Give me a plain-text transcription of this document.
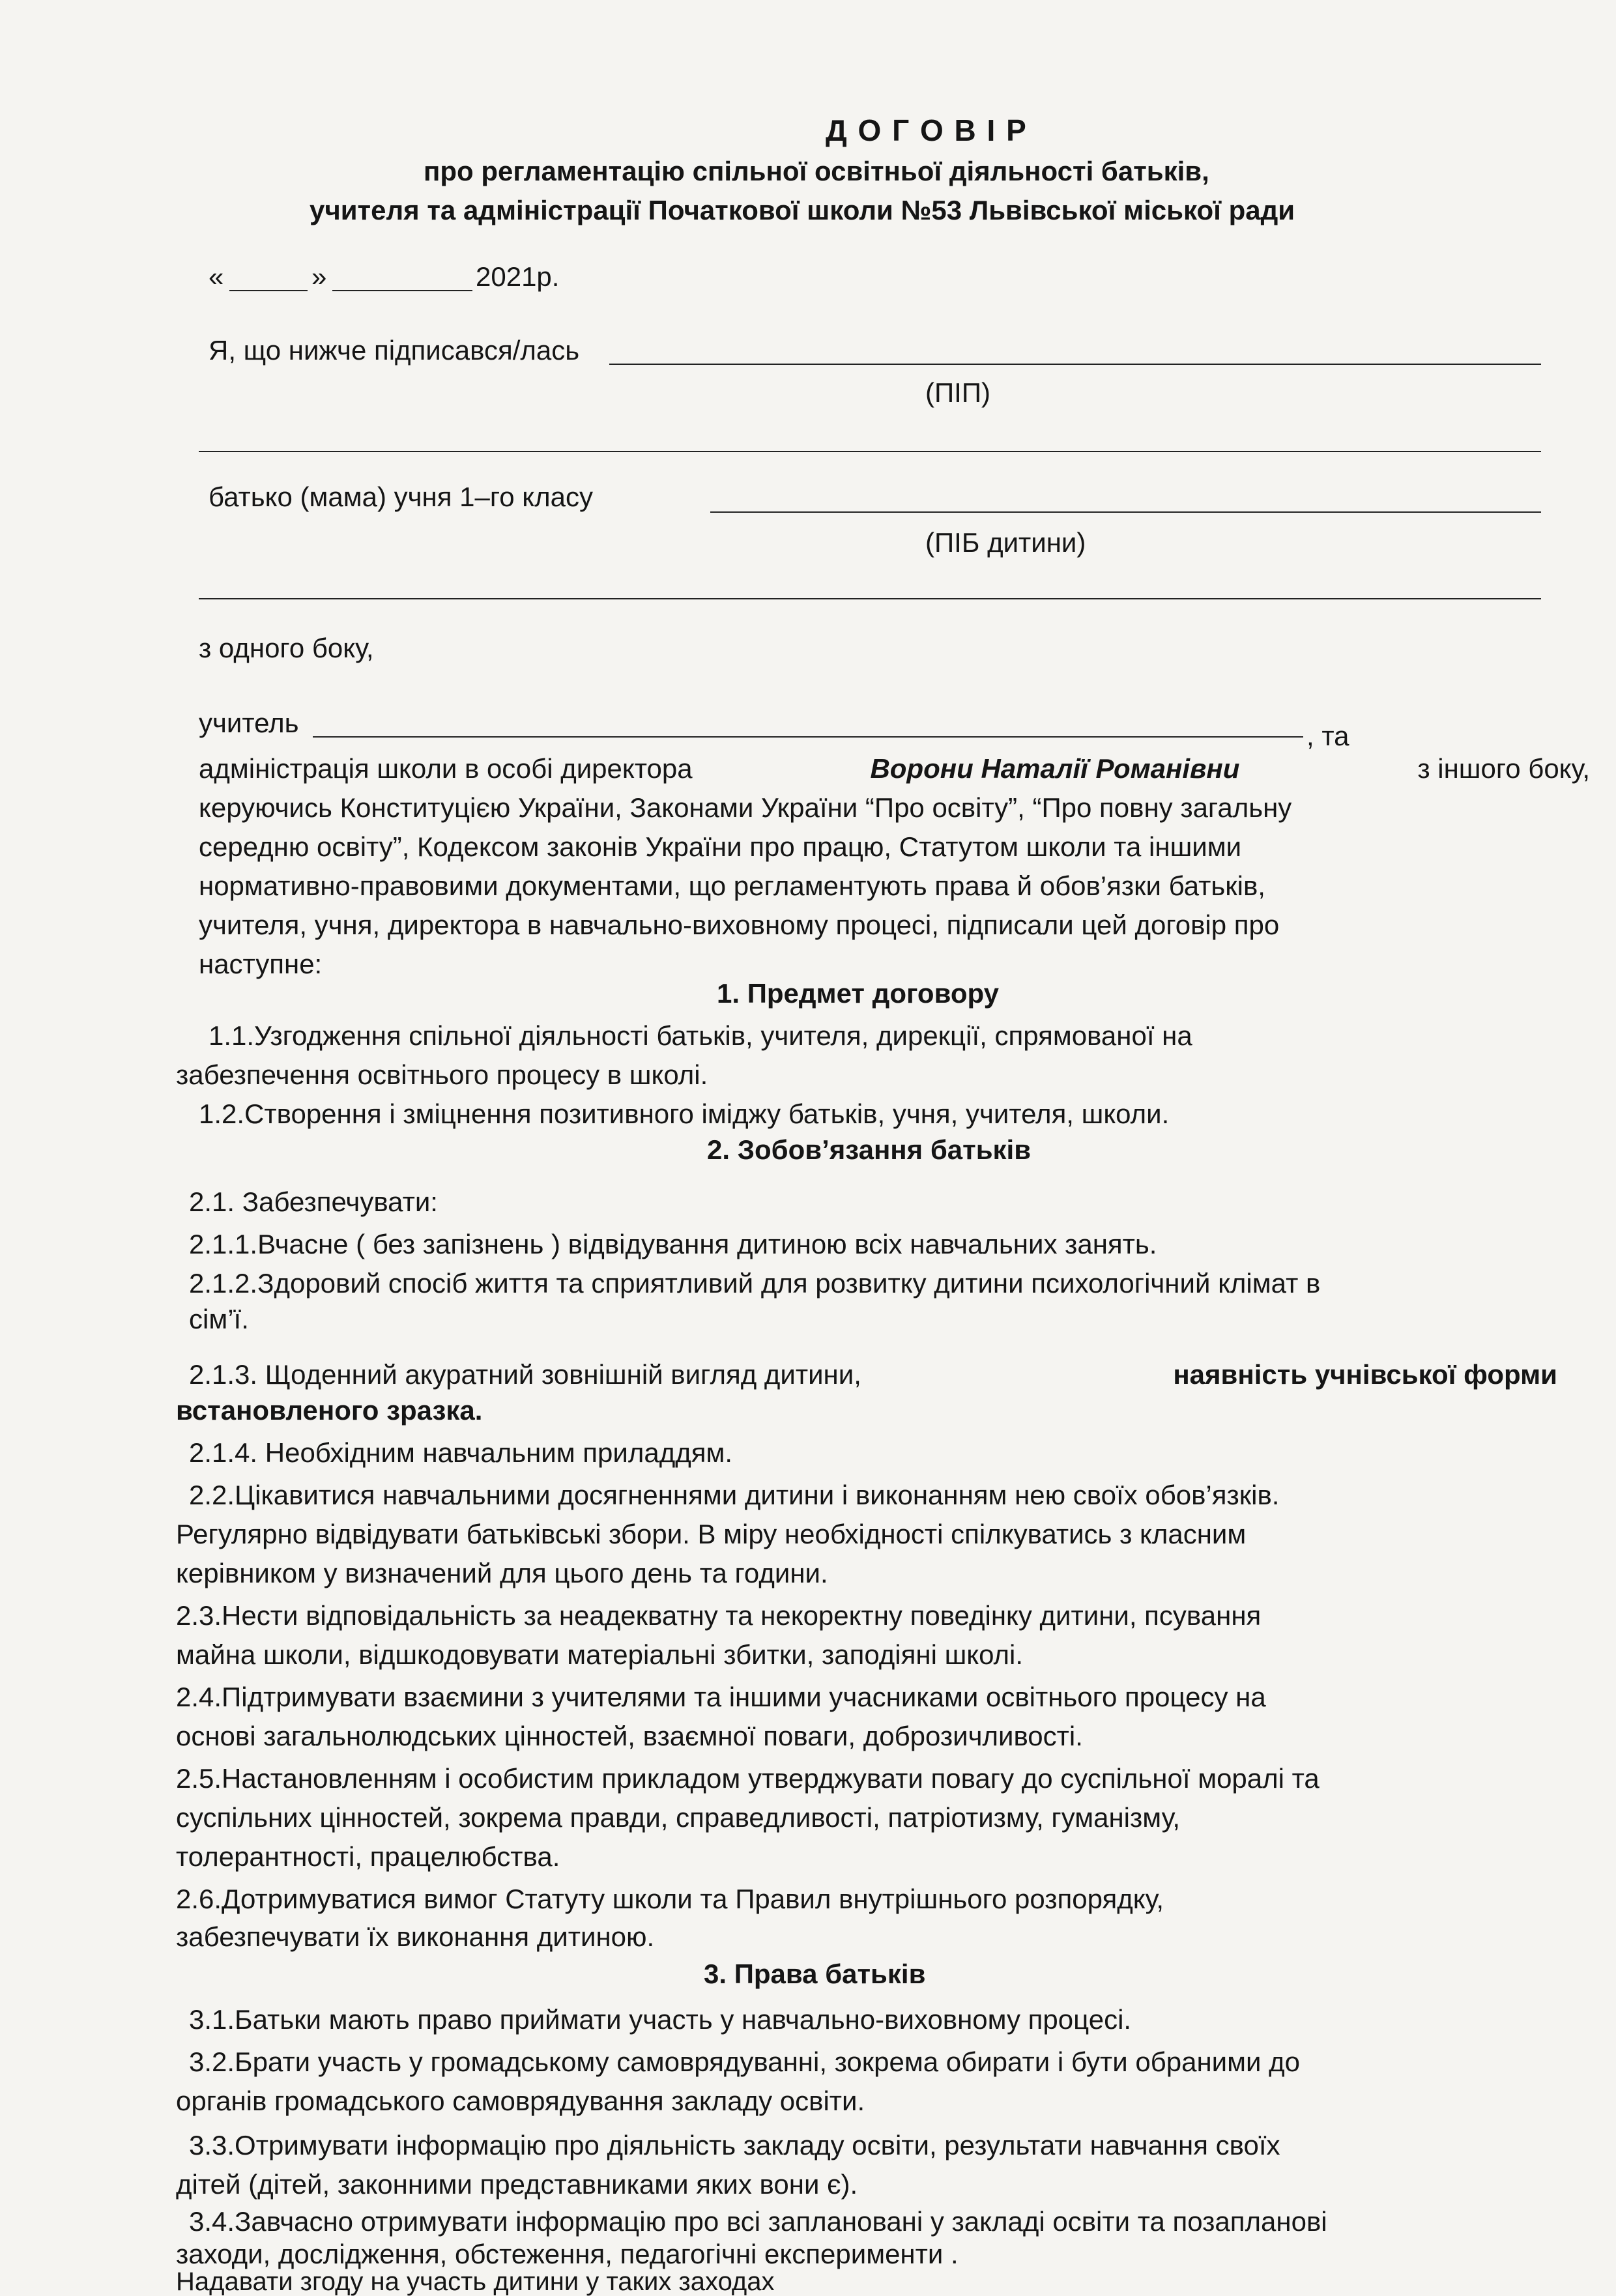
Д О Г О В І Р
про регламентацію спільної освітньої діяльності батьків,
учителя та адміністрації Початкової школи №53 Львівської міської ради
«	»	2021р.
Я, що нижче підписався/лась
(ПІП)
батько (мама) учня 1–го класу
(ПІБ дитини)
з одного боку,
учитель	, та
адміністрація школи в особі директора	Ворони Наталії Романівни	з іншого боку,
керуючись Конституцією України, Законами України “Про освіту”, “Про повну загальну
середню освіту”, Кодексом законів України про працю, Статутом школи та іншими
нормативно-правовими документами, що регламентують права й обов’язки батьків,
учителя, учня, директора в навчально-виховному процесі, підписали цей договір про
наступне:
1. Предмет договору
1.1.Узгодження спільної діяльності батьків, учителя, дирекції, спрямованої на
забезпечення освітнього процесу в школі.
1.2.Створення і зміцнення позитивного іміджу батьків, учня, учителя, школи.
2. Зобов’язання батьків
2.1. Забезпечувати:
2.1.1.Вчасне ( без запізнень ) відвідування дитиною всіх навчальних занять.
2.1.2.Здоровий спосіб життя та сприятливий для розвитку дитини психологічний клімат в
сім’ї.
2.1.3. Щоденний акуратний зовнішній вигляд дитини,	наявність учнівської форми
встановленого зразка.
2.1.4. Необхідним навчальним приладдям.
2.2.Цікавитися навчальними досягненнями дитини і виконанням нею своїх обов’язків.
Регулярно відвідувати батьківські збори. В міру необхідності спілкуватись з класним
керівником у визначений для цього день та години.
2.3.Нести відповідальність за неадекватну та некоректну поведінку дитини, псування
майна школи, відшкодовувати матеріальні збитки, заподіяні школі.
2.4.Підтримувати взаємини з учителями та іншими учасниками освітнього процесу на
основі загальнолюдських цінностей, взаємної поваги, доброзичливості.
2.5.Настановленням і особистим прикладом утверджувати повагу до суспільної моралі та
суспільних цінностей, зокрема правди, справедливості, патріотизму, гуманізму,
толерантності, працелюбства.
2.6.Дотримуватися вимог Статуту школи та Правил внутрішнього розпорядку,
забезпечувати їх виконання дитиною.
3. Права батьків
3.1.Батьки мають право приймати участь у навчально-виховному процесі.
3.2.Брати участь у громадському самоврядуванні, зокрема обирати і бути обраними до
органів громадського самоврядування закладу освіти.
3.3.Отримувати інформацію про діяльність закладу освіти, результати навчання своїх
дітей (дітей, законними представниками яких вони є).
3.4.Завчасно отримувати інформацію про всі заплановані у закладі освіти та позапланові
заходи, дослідження, обстеження, педагогічні експерименти .
Надавати згоду на участь дитини у таких заходах
